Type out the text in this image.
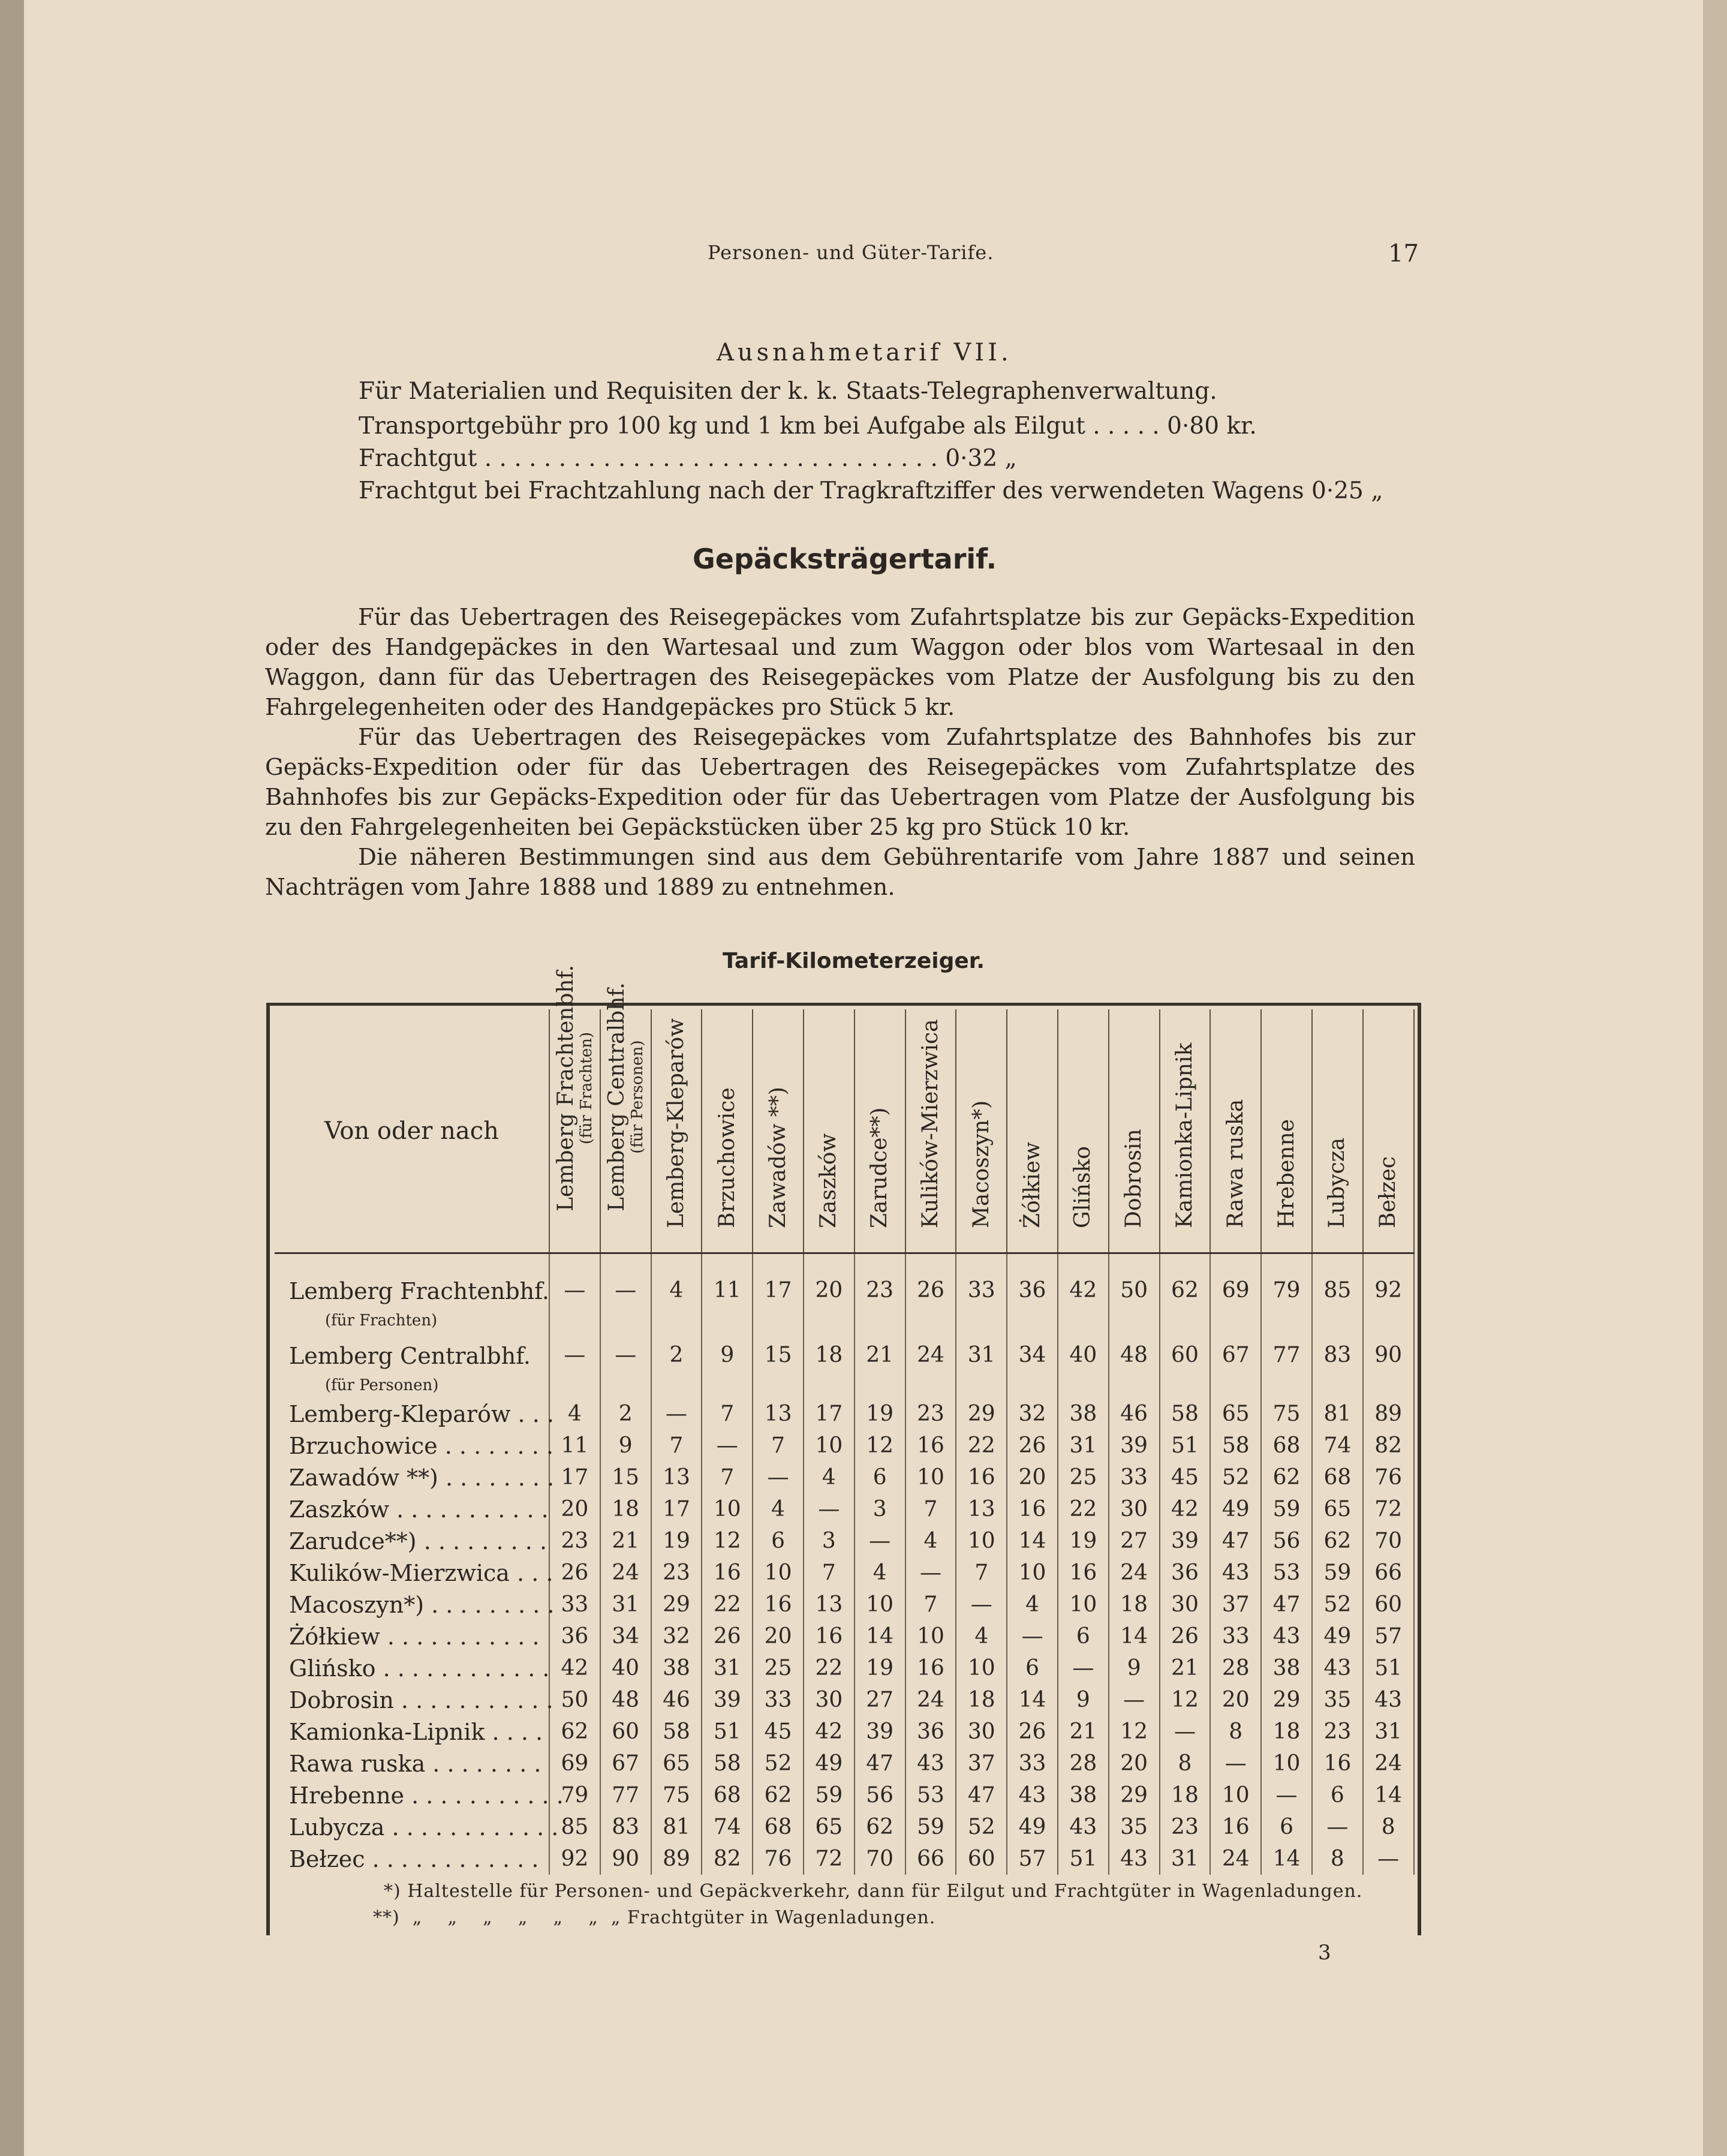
Personen- und Güter-Tarife.	17
Ausnahmetarif VII.
Für Materialien und Requisiten der k. k. Staats-Telegraphenverwaltung.
Transportgebühr pro 100 kg und 1 km bei Aufgabe als Eilgut . . . . . 0·80 kr.
Frachtgut . . . . . . . . . . . . . . . . . . . . . . . . . . . . . . . 0·32 „
Frachtgut bei Frachtzahlung nach der Tragkraftziffer des verwendeten Wagens 0·25 „
Gepäcksträgertarif.

Für das Uebertragen des Reisegepäckes vom Zufahrtsplatze bis zur Gepäcks-Expedition oder des Handgepäckes in den Wartesaal und zum Waggon oder blos vom Wartesaal in den Waggon, dann für das Uebertragen des Reisegepäckes vom Platze der Ausfolgung bis zu den Fahrgelegenheiten oder des Handgepäckes pro Stück 5 kr.

Für das Uebertragen des Reisegepäckes vom Zufahrtsplatze des Bahnhofes bis zur Gepäcks-Expedition oder für das Uebertragen des Reisegepäckes vom Zufahrtsplatze des Bahnhofes bis zur Gepäcks-Expedition oder für das Uebertragen vom Platze der Ausfolgung bis zu den Fahrgelegenheiten bei Gepäckstücken über 25 kg pro Stück 10 kr.

Die näheren Bestimmungen sind aus dem Gebührentarife vom Jahre 1887 und seinen Nachträgen vom Jahre 1888 und 1889 zu entnehmen.

Tarif-Kilometerzeiger.
Von oder nach	Lemberg Frachtenbhf. (für Frachten)	Lemberg Centralbhf. (für Personen)	Lemberg-Kleparów	Brzuchowice	Zawadów **)	Zaszków	Zarudce**)	Kulików-Mierzwica	Macoszyn*)	Żółkiew	Glińsko	Dobrosin	Kamionka-Lipnik	Rawa ruska	Hrebenne	Lubycza	Bełzec

Lemberg Frachtenbhf.
(für Frachten)	—	—	4	11	17	20	23	26	33	36	42	50	62	69	79	85	92
Lemberg Centralbhf.
(für Personen)	—	—	2	9	15	18	21	24	31	34	40	48	60	67	77	83	90
Lemberg-Kleparów . . .	4	2	—	7	13	17	19	23	29	32	38	46	58	65	75	81	89
Brzuchowice . . . . . . . .	11	9	7	—	7	10	12	16	22	26	31	39	51	58	68	74	82
Zawadów **) . . . . . . . .	17	15	13	7	—	4	6	10	16	20	25	33	45	52	62	68	76
Zaszków . . . . . . . . . . .	20	18	17	10	4	—	3	7	13	16	22	30	42	49	59	65	72
Zarudce**) . . . . . . . . .	23	21	19	12	6	3	—	4	10	14	19	27	39	47	56	62	70
Kulików-Mierzwica . . .	26	24	23	16	10	7	4	—	7	10	16	24	36	43	53	59	66
Macoszyn*) . . . . . . . . .	33	31	29	22	16	13	10	7	—	4	10	18	30	37	47	52	60
Żółkiew . . . . . . . . . . .	36	34	32	26	20	16	14	10	4	—	6	14	26	33	43	49	57
Glińsko . . . . . . . . . . . .	42	40	38	31	25	22	19	16	10	6	—	9	21	28	38	43	51
Dobrosin . . . . . . . . . . .	50	48	46	39	33	30	27	24	18	14	9	—	12	20	29	35	43
Kamionka-Lipnik . . . .	62	60	58	51	45	42	39	36	30	26	21	12	—	8	18	23	31
Rawa ruska . . . . . . . .	69	67	65	58	52	49	47	43	37	33	28	20	8	—	10	16	24
Hrebenne . . . . . . . . . . .	79	77	75	68	62	59	56	53	47	43	38	29	18	10	—	6	14
Lubycza . . . . . . . . . . . .	85	83	81	74	68	65	62	59	52	49	43	35	23	16	6	—	8
Bełzec . . . . . . . . . . . .	92	90	89	82	76	72	70	66	60	57	51	43	31	24	14	8	—
*) Haltestelle für Personen- und Gepäckverkehr, dann für Eilgut und Frachtgüter in Wagenladungen.
**)  „    „    „    „    „    „  „ Frachtgüter in Wagenladungen.
3
